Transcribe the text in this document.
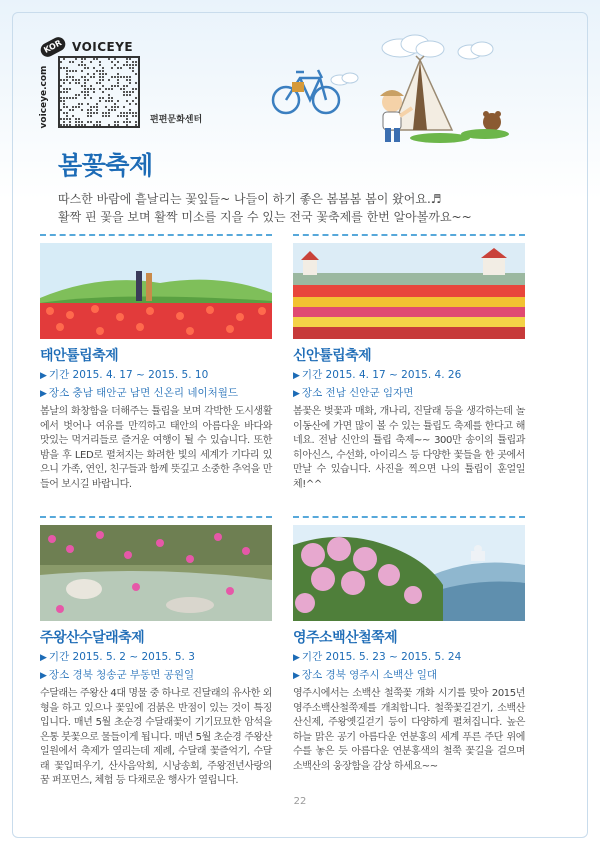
KOR VOICEYE
voiceye.com	편편문화센터
봄꽃축제

따스한 바람에 흩날리는 꽃잎들~ 나들이 하기 좋은 봄봄봄 봄이 왔어요.♬

활짝 핀 꽃을 보며 활짝 미소를 지을 수 있는 전국 꽃축제를 한번 알아볼까요~~

태안튤립축제
▶ 기간 2015. 4. 17 ~ 2015. 5. 10
▶ 장소 충남 태안군 남면 신온리 네이처월드
봄날의 화창함을 더해주는 튤립을 보며 각박한 도시생활에서 벗어나 여유를 만끽하고 태안의 아름다운 바다와 맛있는 먹거리들로 즐거운 여행이 될 수 있습니다. 또한 밤을 후 LED로 펼쳐지는 화려한 빛의 세계가 기다리 있으니 가족, 연인, 친구들과 함께 뜻깊고 소중한 추억을 만들어 보시길 바랍니다.
신안튤립축제
▶ 기간 2015. 4. 17 ~ 2015. 4. 26
▶ 장소 전남 신안군 임자면
봄꽃은 벚꽃과 매화, 개나리, 진달래 등을 생각하는데 놀이동산에 가면 많이 볼 수 있는 튤립도 축제를 한다고 해네요. 전남 신안의 튤립 축제~~ 300만 송이의 튤립과 히아신스, 수선화, 아이리스 등 다양한 꽃들을 한 곳에서 만날 수 있습니다. 사진을 찍으면 나의 튤립이 훈얼일체!^^
주왕산수달래축제
▶ 기간 2015. 5. 2 ~ 2015. 5. 3
▶ 장소 경북 청송군 부동면 공원일
수달래는 주왕산 4대 명물 중 하나로 진달래의 유사한 외형을 하고 있으나 꽃잎에 검붉은 반점이 있는 것이 특징입니다. 매년 5월 초순경 수달래꽃이 기기묘묘한 암석을 은통 붓꽃으로 물들이게 됩니다. 매년 5월 초순경 주왕산 일원에서 축제가 열리는데 제례, 수달래 꽃즐억기, 수달래 꽃입떠우기, 산사음악회, 시낭송회, 주왕전년사랑의 꿈 퍼포먼스, 체험 등 다채로운 행사가 열립니다.
영주소백산철쭉제
▶ 기간 2015. 5. 23 ~ 2015. 5. 24
▶ 장소 경북 영주시 소백산 일대
영주시에서는 소백산 철쭉꽃 개화 시기를 맞아 2015년 영주소백산철쭉제를 개최합니다. 철쭉꽃길걷기, 소백산산신제, 주왕옛길걷기 등이 다양하게 펼쳐집니다. 높은 하늘 맑은 공기 아름다운 연분홍의 세계 푸른 주단 위에 수를 놓은 듯 아름다운 연분홍색의 철쭉 꽃길을 걸으며 소백산의 웅장함을 감상 하세요~~
22
